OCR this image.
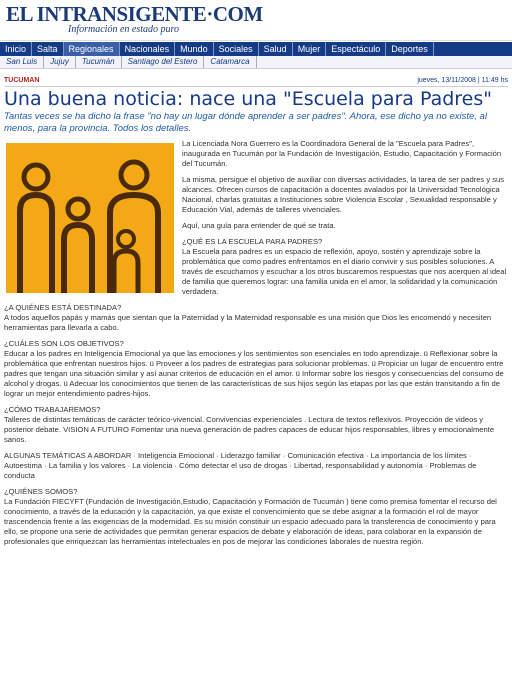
EL INTRANSIGENTE·COM
Información en estado puro
Inicio	Salta	Regionales	Nacionales	Mundo	Sociales	Salud	Mujer	Espectáculo	Deportes
San Luis	Jujuy	Tucumán	Santiago del Estero	Catamarca
TUCUMAN	jueves, 13/11/2008 | 11:49 hs
Una buena noticia: nace una "Escuela para Padres"
Tantas veces se ha dicho la frase "no hay un lugar dónde aprender a ser padres". Ahora, ese dicho ya no existe, al menos, para la provincia. Todos los detalles.
La Licenciada Nora Guerrero es la Coordinadora General de la "Escuela para Padres", inaugurada en Tucumán por la Fundación de Investigación, Estudio, Capacitación y Formación del Tucumán.
La misma, persigue el objetivo de auxiliar con diversas actividades, la tarea de ser padres y sus alcances. Ofrecen cursos de capacitación a docentes avalados por la Universidad Tecnológica Nacional, charlas gratuitas a Instituciones sobre Violencia Escolar , Sexualidad responsable y Educación Vial, además de talleres vivenciales.
Aquí, una guía para entender de qué se trata.
¿QUÉ ES LA ESCUELA PARA PADRES?
La Escuela para padres es un espacio de reflexión, apoyo, sostén y aprendizaje sobre la problemática que como padres enfrentamos en el diario convivir y sus posibles soluciones. A través de escucharnos y escuchar a los otros buscaremos respuestas que nos acerquen al ideal de familia que queremos lograr: una familia unida en el amor, la solidaridad y la comunicación verdadera.
¿A QUIÉNES ESTÁ DESTINADA?
A todos aquellos papás y mamás que sientan que la Paternidad y la Maternidad responsable es una misión que Dios les encomendó y necesiten herramientas para llevarla a cabo.
¿CUÁLES SON LOS OBJETIVOS?
Educar a los padres en Inteligencia Emocional ya que las emociones y los sentimientos son esenciales en todo aprendizaje. ü Reflexionar sobre la problemática que enfrentan nuestros hijos. ü Proveer a los padres de estrategias para solucionar problemas. ü Propiciar un lugar de encuentro entre padres que tengan una situación similar y así aunar criterios de educación en el amor. ü Informar sobre los riesgos y consecuencias del consumo de alcohol y drogas. ü Adecuar los conocimientos que tienen de las características de sus hijos según las etapas por las que están transitando a fin de lograr un mejor entendimiento padres-hijos.
¿CÓMO TRABAJAREMOS?
Talleres de distintas temáticas de carácter teórico-vivencial. Convivencias experienciales . Lectura de textos reflexivos. Proyección de videos y posterior debate. VISION A FUTURO Fomentar una nueva generación de padres capaces de educar hijos responsables, libres y emocionalmente sanos.
ALGUNAS TEMÁTICAS A ABORDAR · Inteligencia Emocional · Liderazgo familiar · Comunicación efectiva · La importancia de los límites · Autoestima · La familia y los valores · La violencia · Cómo detectar el uso de drogas · Libertad, responsabilidad y autonomía · Problemas de conducta
¿QUIÉNES SOMOS?
La Fundación FIECYFT (Fundación de Investigación,Estudio, Capacitación y Formación de Tucumán ) tiene como premisa fomentar el recurso del conocimiento, a través de la educación y la capacitación, ya que existe el convencimiento que se debe asignar a la formación el rol de mayor trascendencia frente a las exigencias de la modernidad. Es su misión constituir un espacio adecuado para la transferencia de conocimiento y para ello, se propone una serie de actividades que permitan generar espacios de debate y elaboración de ideas, para colaborar en la expansión de profesionales que enriquezcan las herramientas intelectuales en pos de mejorar las condiciones laborales de nuestra región.
